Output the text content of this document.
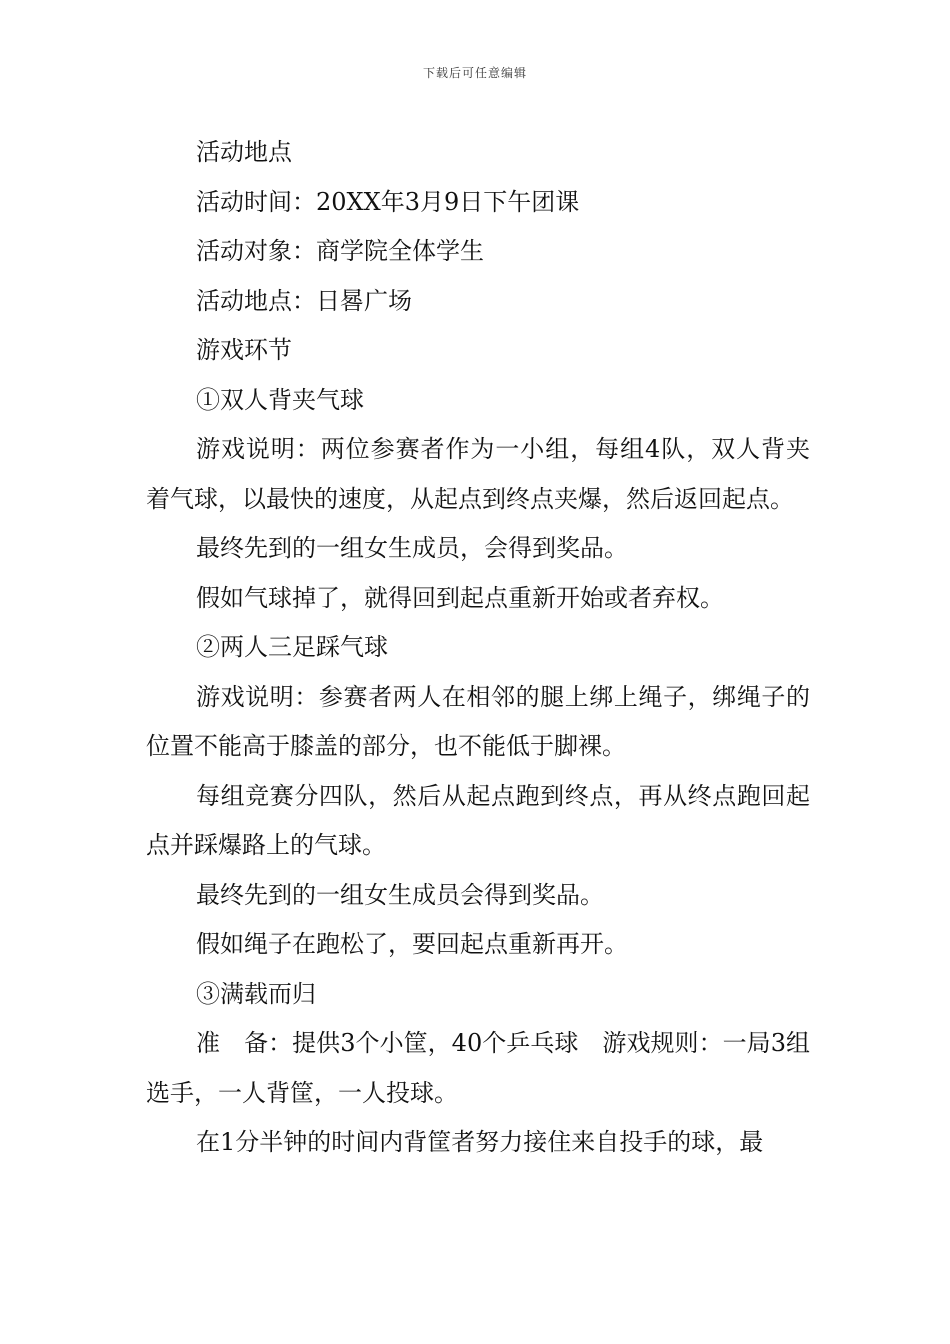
下载后可任意编辑

活动地点

活动时间：20XX年3月9日下午团课

活动对象：商学院全体学生

活动地点：日晷广场

游戏环节

①双人背夹气球

游戏说明：两位参赛者作为一小组，每组4队，双人背夹着气球，以最快的速度，从起点到终点夹爆，然后返回起点。

最终先到的一组女生成员，会得到奖品。

假如气球掉了，就得回到起点重新开始或者弃权。

②两人三足踩气球

游戏说明：参赛者两人在相邻的腿上绑上绳子，绑绳子的位置不能高于膝盖的部分，也不能低于脚裸。

每组竞赛分四队，然后从起点跑到终点，再从终点跑回起点并踩爆路上的气球。

最终先到的一组女生成员会得到奖品。

假如绳子在跑松了，要回起点重新再开。

③满载而归

准　备：提供3个小筐，40个乒乓球　游戏规则：一局3组选手，一人背筐，一人投球。

在1分半钟的时间内背筐者努力接住来自投手的球，最
